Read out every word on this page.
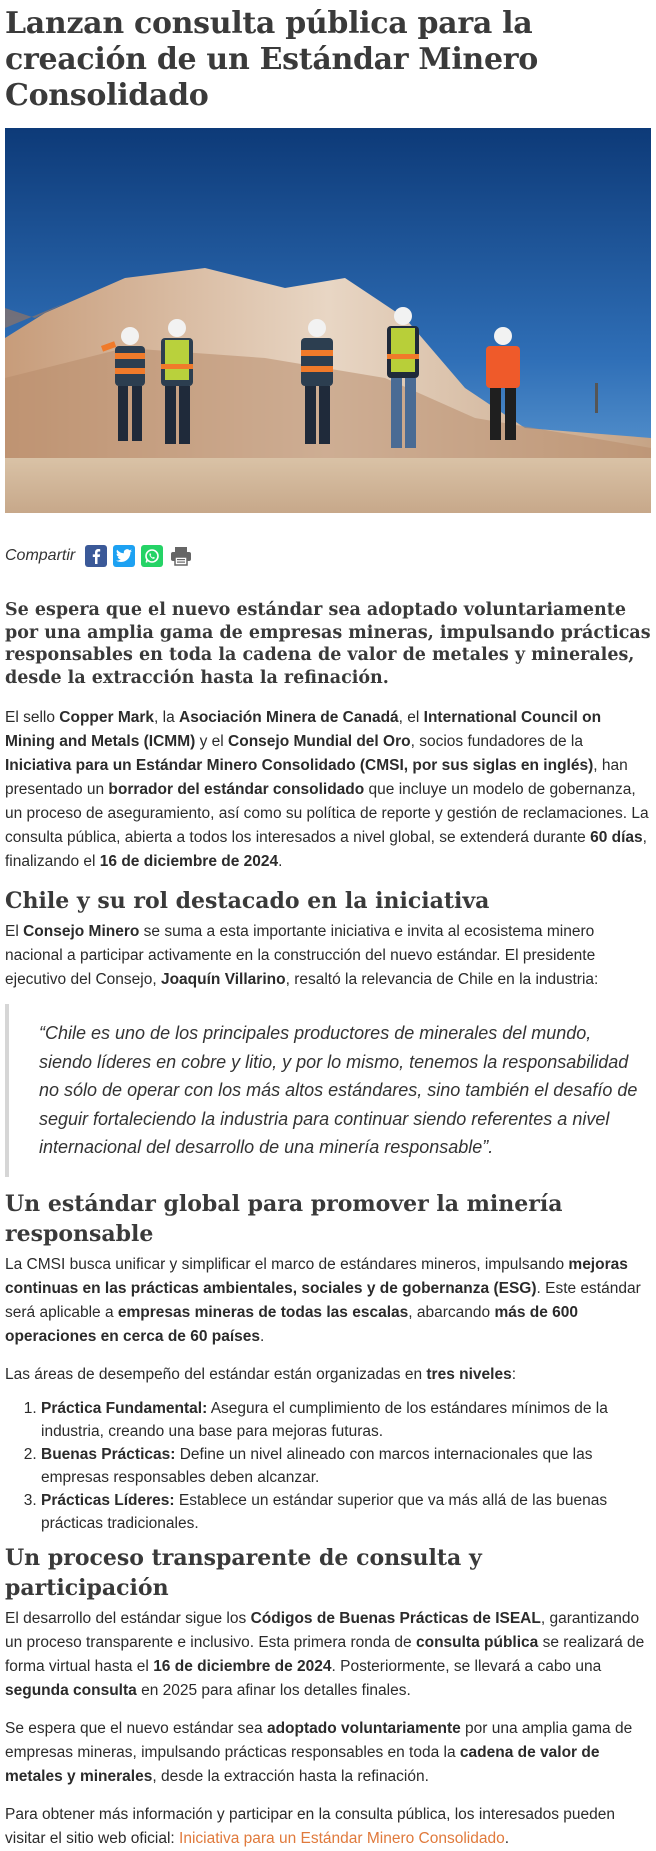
Lanzan consulta pública para la creación de un Estándar Minero Consolidado
Compartir
Se espera que el nuevo estándar sea adoptado voluntariamente por una amplia gama de empresas mineras, impulsando prácticas responsables en toda la cadena de valor de metales y minerales, desde la extracción hasta la refinación.

El sello Copper Mark, la Asociación Minera de Canadá, el International Council on Mining and Metals (ICMM) y el Consejo Mundial del Oro, socios fundadores de la Iniciativa para un Estándar Minero Consolidado (CMSI, por sus siglas en inglés), han presentado un borrador del estándar consolidado que incluye un modelo de gobernanza, un proceso de aseguramiento, así como su política de reporte y gestión de reclamaciones. La consulta pública, abierta a todos los interesados a nivel global, se extenderá durante 60 días, finalizando el 16 de diciembre de 2024.

Chile y su rol destacado en la iniciativa

El Consejo Minero se suma a esta importante iniciativa e invita al ecosistema minero nacional a participar activamente en la construcción del nuevo estándar. El presidente ejecutivo del Consejo, Joaquín Villarino, resaltó la relevancia de Chile en la industria:

“Chile es uno de los principales productores de minerales del mundo, siendo líderes en cobre y litio, y por lo mismo, tenemos la responsabilidad no sólo de operar con los más altos estándares, sino también el desafío de seguir fortaleciendo la industria para continuar siendo referentes a nivel internacional del desarrollo de una minería responsable”.
Un estándar global para promover la minería responsable

La CMSI busca unificar y simplificar el marco de estándares mineros, impulsando mejoras continuas en las prácticas ambientales, sociales y de gobernanza (ESG). Este estándar será aplicable a empresas mineras de todas las escalas, abarcando más de 600 operaciones en cerca de 60 países.

Las áreas de desempeño del estándar están organizadas en tres niveles:

1. Práctica Fundamental: Asegura el cumplimiento de los estándares mínimos de la industria, creando una base para mejoras futuras.
2. Buenas Prácticas: Define un nivel alineado con marcos internacionales que las empresas responsables deben alcanzar.
3. Prácticas Líderes: Establece un estándar superior que va más allá de las buenas prácticas tradicionales.
Un proceso transparente de consulta y participación

El desarrollo del estándar sigue los Códigos de Buenas Prácticas de ISEAL, garantizando un proceso transparente e inclusivo. Esta primera ronda de consulta pública se realizará de forma virtual hasta el 16 de diciembre de 2024. Posteriormente, se llevará a cabo una segunda consulta en 2025 para afinar los detalles finales.

Se espera que el nuevo estándar sea adoptado voluntariamente por una amplia gama de empresas mineras, impulsando prácticas responsables en toda la cadena de valor de metales y minerales, desde la extracción hasta la refinación.

Para obtener más información y participar en la consulta pública, los interesados pueden visitar el sitio web oficial: Iniciativa para un Estándar Minero Consolidado.
